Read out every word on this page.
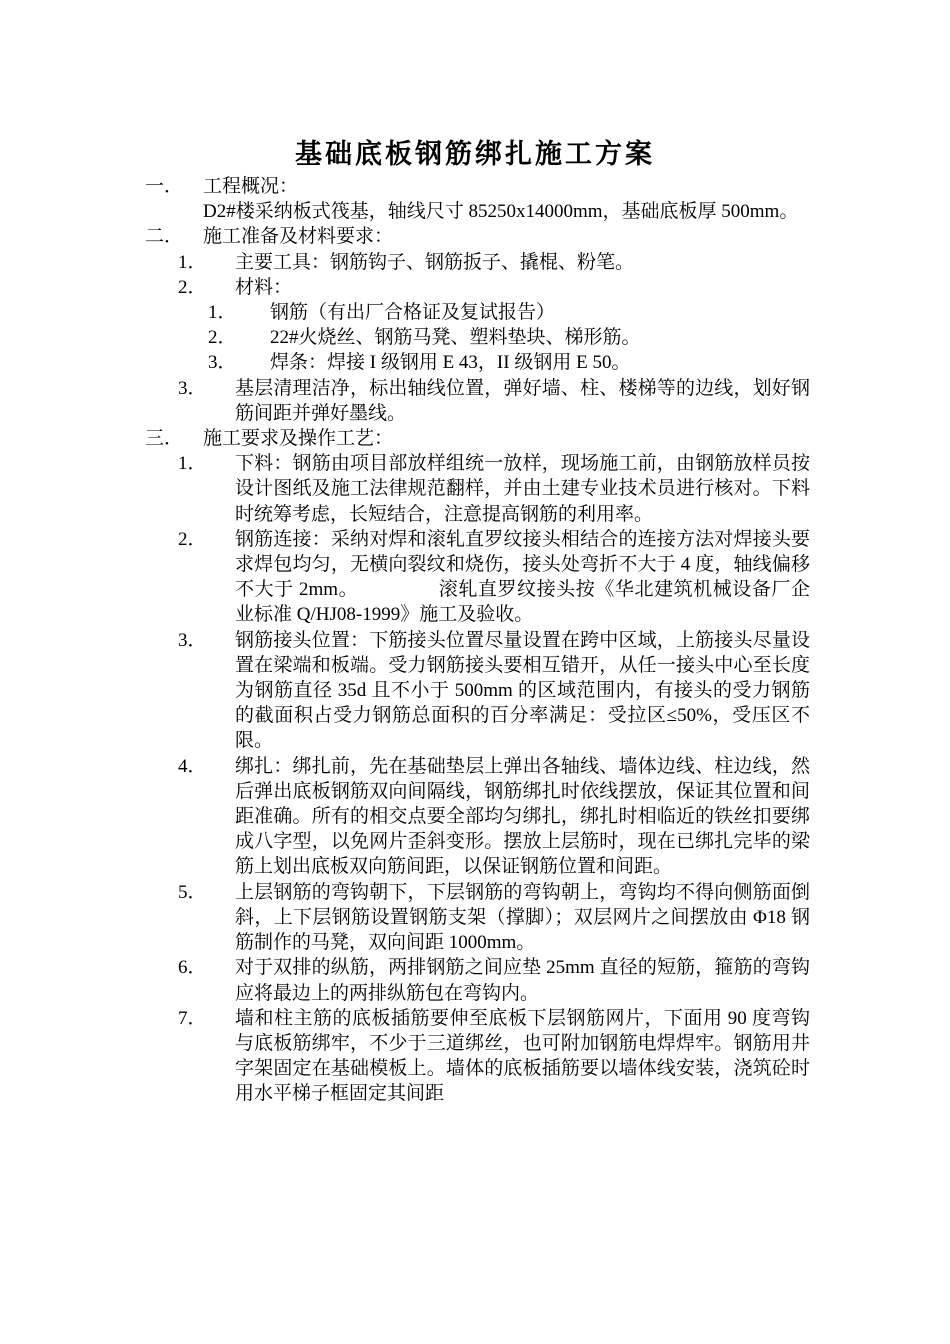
基础底板钢筋绑扎施工方案
一．	工程概况：
D2#楼采纳板式筏基，轴线尺寸 85250x14000mm，基础底板厚 500mm。
二．	施工准备及材料要求：
1．	主要工具：钢筋钩子、钢筋扳子、撬棍、粉笔。
2．	材料：
1．	钢筋（有出厂合格证及复试报告）
2．	22#火烧丝、钢筋马凳、塑料垫块、梯形筋。
3．	焊条：焊接 I 级钢用 E 43，II 级钢用 E 50。
3．	基层清理洁净，标出轴线位置，弹好墙、柱、楼梯等的边线，划好钢筋间距并弹好墨线。
三．	施工要求及操作工艺：
1．	下料：钢筋由项目部放样组统一放样，现场施工前，由钢筋放样员按设计图纸及施工法律规范翻样，并由土建专业技术员进行核对。下料时统筹考虑，长短结合，注意提高钢筋的利用率。
2．	钢筋连接：采纳对焊和滚轧直罗纹接头相结合的连接方法对焊接头要求焊包均匀，无横向裂纹和烧伤，接头处弯折不大于 4 度，轴线偏移不大于 2mm。	滚轧直罗纹接头按《华北建筑机械设备厂企业标准 Q/HJ08-1999》施工及验收。
3．	钢筋接头位置：下筋接头位置尽量设置在跨中区域，上筋接头尽量设置在梁端和板端。受力钢筋接头要相互错开，从任一接头中心至长度为钢筋直径 35d 且不小于 500mm 的区域范围内，有接头的受力钢筋的截面积占受力钢筋总面积的百分率满足：受拉区≤50%，受压区不限。
4．	绑扎：绑扎前，先在基础垫层上弹出各轴线、墙体边线、柱边线，然后弹出底板钢筋双向间隔线，钢筋绑扎时依线摆放，保证其位置和间距准确。所有的相交点要全部均匀绑扎，绑扎时相临近的铁丝扣要绑成八字型，以免网片歪斜变形。摆放上层筋时，现在已绑扎完毕的梁筋上划出底板双向筋间距，以保证钢筋位置和间距。
5．	上层钢筋的弯钩朝下，下层钢筋的弯钩朝上，弯钩均不得向侧筋面倒斜，上下层钢筋设置钢筋支架（撑脚）；双层网片之间摆放由 Φ18 钢筋制作的马凳，双向间距 1000mm。
6．	对于双排的纵筋，两排钢筋之间应垫 25mm 直径的短筋，箍筋的弯钩应将最边上的两排纵筋包在弯钩内。
7．	墙和柱主筋的底板插筋要伸至底板下层钢筋网片，下面用 90 度弯钩与底板筋绑牢，不少于三道绑丝，也可附加钢筋电焊焊牢。钢筋用井字架固定在基础模板上。墙体的底板插筋要以墙体线安装，浇筑砼时用水平梯子框固定其间距
